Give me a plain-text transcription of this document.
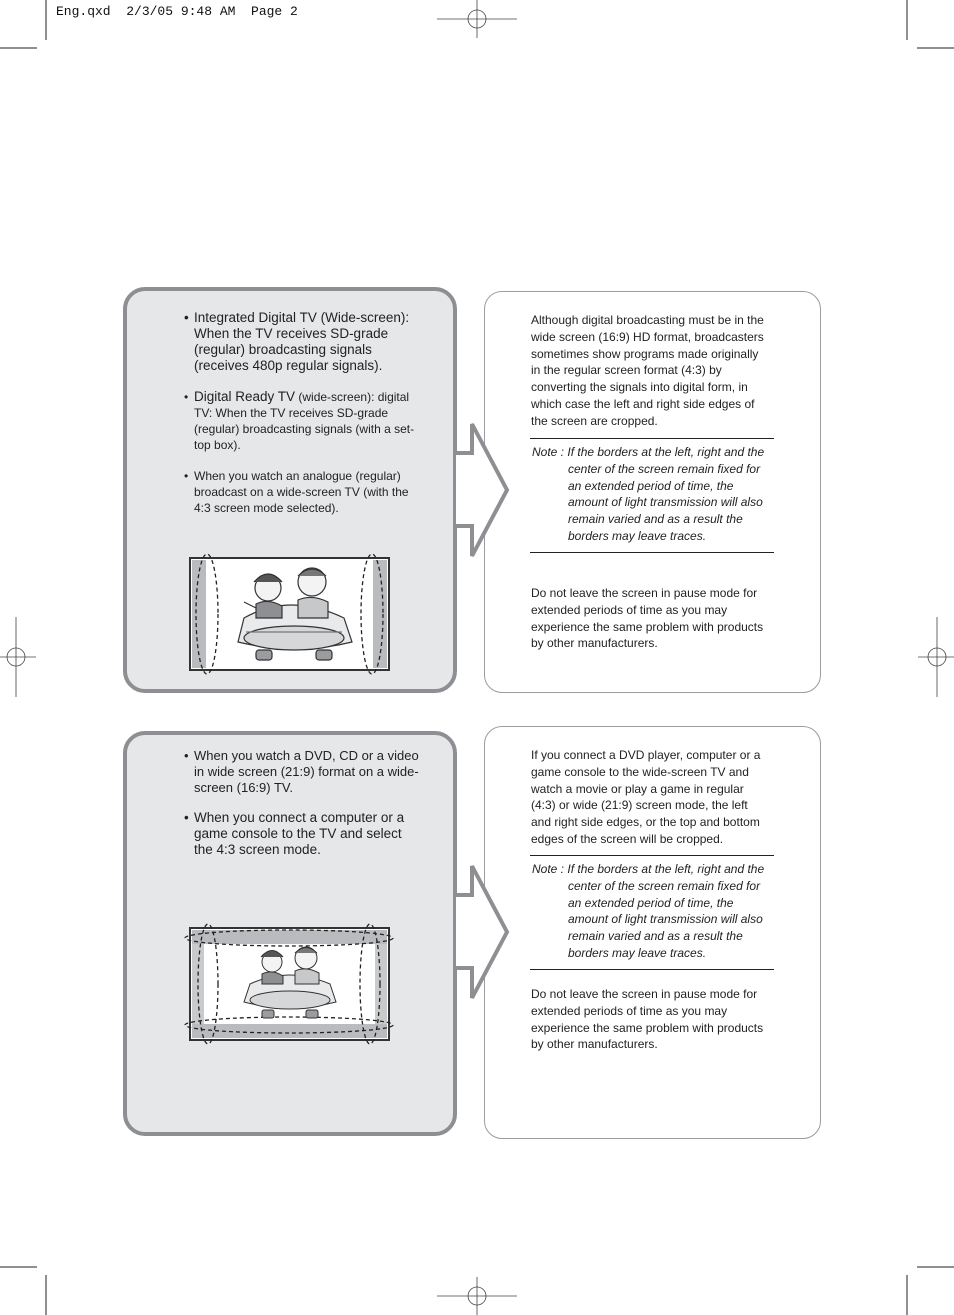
Eng.qxd  2/3/05 9:48 AM  Page 2
• Integrated Digital TV (Wide-screen): When the TV receives SD-grade (regular) broadcasting signals (receives 480p regular signals).
• Digital Ready TV (wide-screen): digital TV: When the TV receives SD-grade (regular) broadcasting signals (with a set-top box).
• When you watch an analogue (regular) broadcast on a wide-screen TV (with the 4:3 screen mode selected).

Although digital broadcasting must be in the wide screen (16:9) HD format, broadcasters sometimes show programs made originally in the regular screen format (4:3) by converting the signals into digital form, in which case the left and right side edges of the screen are cropped.

Note : If the borders at the left, right and the center of the screen remain fixed for an extended period of time, the amount of light transmission will also remain varied and as a result the borders may leave traces.

Do not leave the screen in pause mode for extended periods of time as you may experience the same problem with products by other manufacturers.

• When you watch a DVD, CD or a video in wide screen (21:9) format on a wide-screen (16:9) TV.
• When you connect a computer or a game console to the TV and select the 4:3 screen mode.

If you connect a DVD player, computer or a game console to the wide-screen TV and watch a movie or play a game in regular (4:3) or wide (21:9) screen mode, the left and right side edges, or the top and bottom edges of the screen will be cropped.

Note : If the borders at the left, right and the center of the screen remain fixed for an extended period of time, the amount of light transmission will also remain varied and as a result the borders may leave traces.

Do not leave the screen in pause mode for extended periods of time as you may experience the same problem with products by other manufacturers.
